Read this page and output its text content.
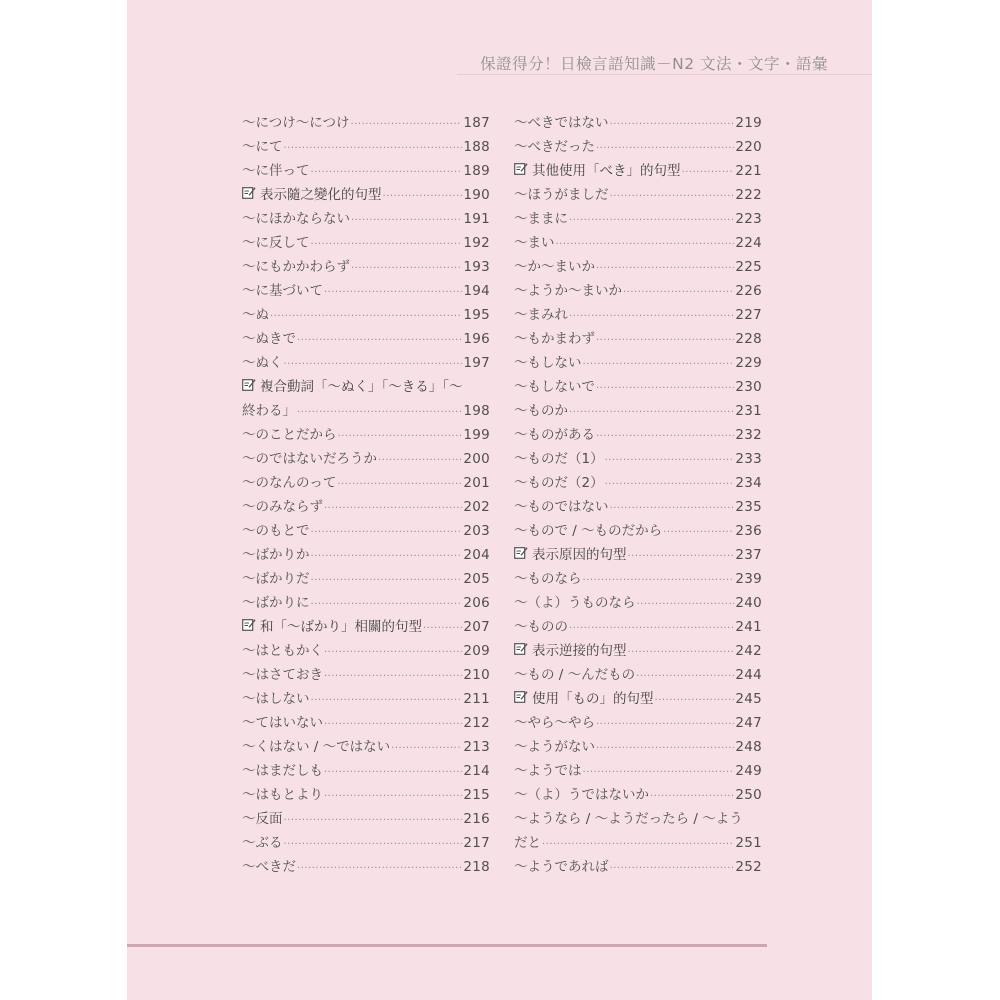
保證得分！日檢言語知識－N2 文法・文字・語彙
～につけ～につけ ·····	187
～にて ·····	188
～に伴って ·····	189
表示隨之變化的句型 ·····	190
～にほかならない ·····	191
～に反して ·····	192
～にもかかわらず ·····	193
～に基づいて ·····	194
～ぬ ·····	195
～ぬきで ·····	196
～ぬく ·····	197
複合動詞「～ぬく」「～きる」「～
終わる」 ·····	198
～のことだから ·····	199
～のではないだろうか ·····	200
～のなんのって ·····	201
～のみならず ·····	202
～のもとで ·····	203
～ばかりか ·····	204
～ばかりだ ·····	205
～ばかりに ·····	206
和「～ばかり」相關的句型 ·····	207
～はともかく ·····	209
～はさておき ·····	210
～はしない ·····	211
～てはいない ·····	212
～くはない / ～ではない ·····	213
～はまだしも ·····	214
～はもとより ·····	215
～反面 ·····	216
～ぶる ·····	217
～べきだ ·····	218
～べきではない ·····	219
～べきだった ·····	220
其他使用「べき」的句型 ·····	221
～ほうがましだ ·····	222
～ままに ·····	223
～まい ·····	224
～か～まいか ·····	225
～ようか～まいか ·····	226
～まみれ ·····	227
～もかまわず ·····	228
～もしない ·····	229
～もしないで ·····	230
～ものか ·····	231
～ものがある ·····	232
～ものだ（1） ·····	233
～ものだ（2） ·····	234
～ものではない ·····	235
～もので / ～ものだから ·····	236
表示原因的句型 ·····	237
～ものなら ·····	239
～（よ）うものなら ·····	240
～ものの ·····	241
表示逆接的句型 ·····	242
～もの / ～んだもの ·····	244
使用「もの」的句型 ·····	245
～やら～やら ·····	247
～ようがない ·····	248
～ようでは ·····	249
～（よ）うではないか ·····	250
～ようなら / ～ようだったら / ～よう
だと ·····	251
～ようであれば ·····	252
